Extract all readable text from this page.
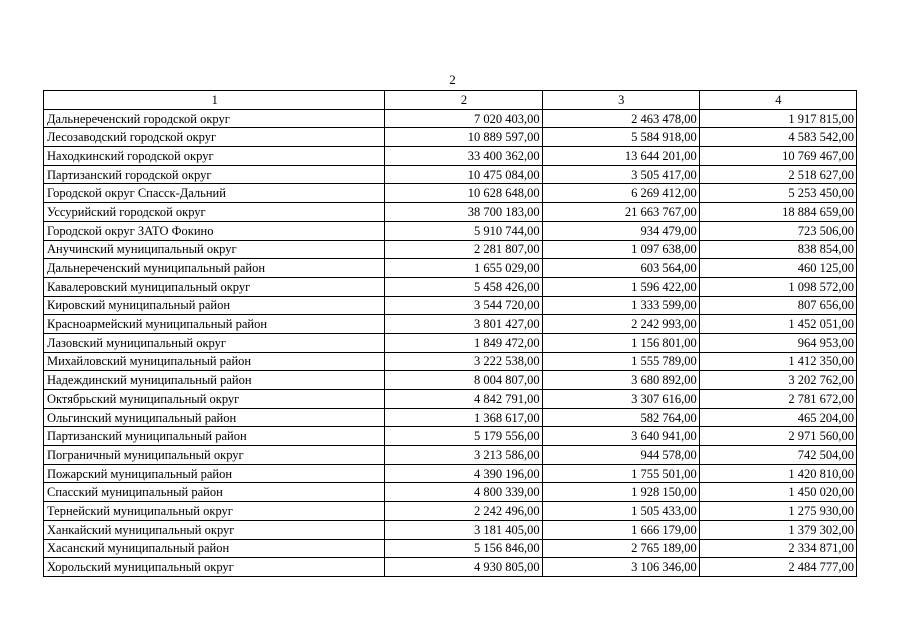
2
1	2	3	4
Дальнереченский городской округ	7 020 403,00	2 463 478,00	1 917 815,00
Лесозаводский городской округ	10 889 597,00	5 584 918,00	4 583 542,00
Находкинский городской округ	33 400 362,00	13 644 201,00	10 769 467,00
Партизанский городской округ	10 475 084,00	3 505 417,00	2 518 627,00
Городской округ Спасск-Дальний	10 628 648,00	6 269 412,00	5 253 450,00
Уссурийский городской округ	38 700 183,00	21 663 767,00	18 884 659,00
Городской округ ЗАТО Фокино	5 910 744,00	934 479,00	723 506,00
Анучинский муниципальный округ	2 281 807,00	1 097 638,00	838 854,00
Дальнереченский муниципальный район	1 655 029,00	603 564,00	460 125,00
Кавалеровский муниципальный округ	5 458 426,00	1 596 422,00	1 098 572,00
Кировский муниципальный район	3 544 720,00	1 333 599,00	807 656,00
Красноармейский муниципальный район	3 801 427,00	2 242 993,00	1 452 051,00
Лазовский муниципальный округ	1 849 472,00	1 156 801,00	964 953,00
Михайловский муниципальный район	3 222 538,00	1 555 789,00	1 412 350,00
Надеждинский муниципальный район	8 004 807,00	3 680 892,00	3 202 762,00
Октябрьский муниципальный округ	4 842 791,00	3 307 616,00	2 781 672,00
Ольгинский муниципальный район	1 368 617,00	582 764,00	465 204,00
Партизанский муниципальный район	5 179 556,00	3 640 941,00	2 971 560,00
Пограничный муниципальный округ	3 213 586,00	944 578,00	742 504,00
Пожарский муниципальный район	4 390 196,00	1 755 501,00	1 420 810,00
Спасский муниципальный район	4 800 339,00	1 928 150,00	1 450 020,00
Тернейский муниципальный округ	2 242 496,00	1 505 433,00	1 275 930,00
Ханкайский муниципальный округ	3 181 405,00	1 666 179,00	1 379 302,00
Хасанский муниципальный район	5 156 846,00	2 765 189,00	2 334 871,00
Хорольский муниципальный округ	4 930 805,00	3 106 346,00	2 484 777,00
